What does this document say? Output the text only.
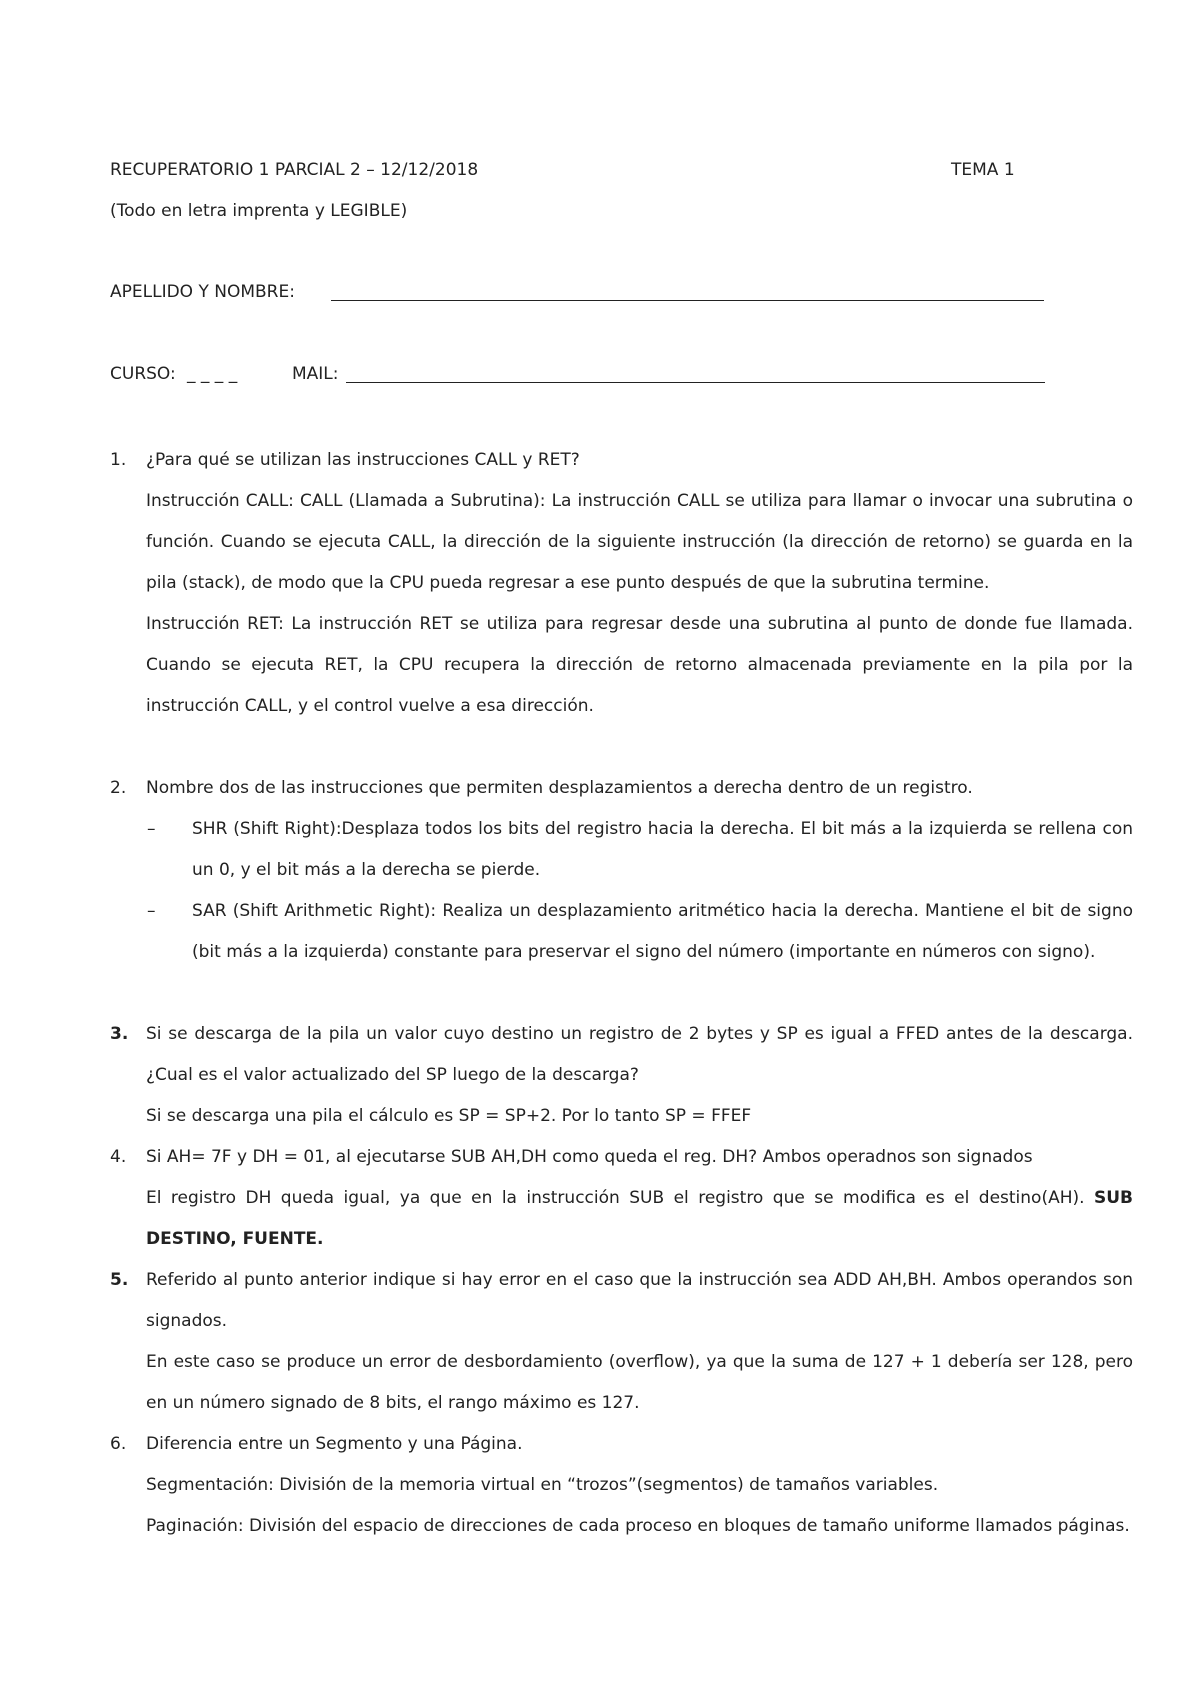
RECUPERATORIO 1 PARCIAL 2 – 12/12/2018	TEMA 1
(Todo en letra imprenta y LEGIBLE)
APELLIDO Y NOMBRE:
CURSO: _ _ _ _	MAIL:
1. ¿Para qué se utilizan las instrucciones CALL y RET?

Instrucción CALL: CALL (Llamada a Subrutina): La instrucción CALL se utiliza para llamar o invocar una subrutina o función. Cuando se ejecuta CALL, la dirección de la siguiente instrucción (la dirección de retorno) se guarda en la pila (stack), de modo que la CPU pueda regresar a ese punto después de que la subrutina termine.

Instrucción RET: La instrucción RET se utiliza para regresar desde una subrutina al punto de donde fue llamada. Cuando se ejecuta RET, la CPU recupera la dirección de retorno almacenada previamente en la pila por la instrucción CALL, y el control vuelve a esa dirección.

2. Nombre dos de las instrucciones que permiten desplazamientos a derecha dentro de un registro.

– SHR (Shift Right):Desplaza todos los bits del registro hacia la derecha. El bit más a la izquierda se rellena con un 0, y el bit más a la derecha se pierde.

– SAR (Shift Arithmetic Right): Realiza un desplazamiento aritmético hacia la derecha. Mantiene el bit de signo (bit más a la izquierda) constante para preservar el signo del número (importante en números con signo).

3. Si se descarga de la pila un valor cuyo destino un registro de 2 bytes y SP es igual a FFED antes de la descarga. ¿Cual es el valor actualizado del SP luego de la descarga?

Si se descarga una pila el cálculo es SP = SP+2. Por lo tanto SP = FFEF

4. Si AH= 7F y DH = 01, al ejecutarse SUB AH,DH como queda el reg. DH? Ambos operadnos son signados

El registro DH queda igual, ya que en la instrucción SUB el registro que se modifica es el destino(AH). SUB DESTINO, FUENTE.

5. Referido al punto anterior indique si hay error en el caso que la instrucción sea ADD AH,BH. Ambos operandos son signados.

En este caso se produce un error de desbordamiento (overflow), ya que la suma de 127 + 1 debería ser 128, pero en un número signado de 8 bits, el rango máximo es 127.

6. Diferencia entre un Segmento y una Página.

Segmentación: División de la memoria virtual en “trozos”(segmentos) de tamaños variables.

Paginación: División del espacio de direcciones de cada proceso en bloques de tamaño uniforme llamados páginas.
